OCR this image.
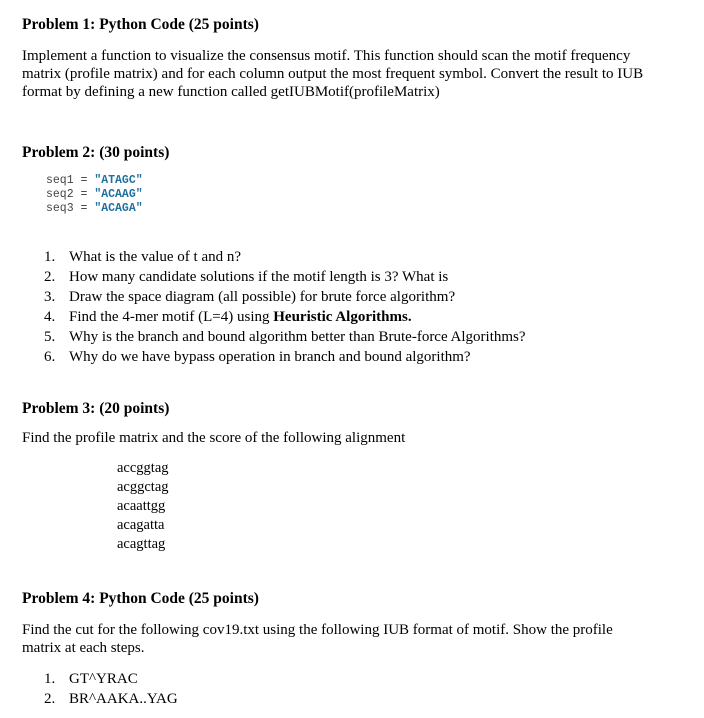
Problem 1: Python Code (25 points)
Implement a function to visualize the consensus motif. This function should scan the motif frequency
matrix (profile matrix) and for each column output the most frequent symbol. Convert the result to IUB
format by defining a new function called getIUBMotif(profileMatrix)
Problem 2: (30 points)
seq1 = "ATAGC"
seq2 = "ACAAG"
seq3 = "ACAGA"
1. What is the value of t and n?
2. How many candidate solutions if the motif length is 3? What is
3. Draw the space diagram (all possible) for brute force algorithm?
4. Find the 4-mer motif (L=4) using Heuristic Algorithms.
5. Why is the branch and bound algorithm better than Brute-force Algorithms?
6. Why do we have bypass operation in branch and bound algorithm?
Problem 3: (20 points)
Find the profile matrix and the score of the following alignment
accggtag
acggctag
acaattgg
acagatta
acagttag
Problem 4: Python Code (25 points)
Find the cut for the following cov19.txt using the following IUB format of motif. Show the profile
matrix at each steps.
1. GT^YRAC
2. BR^AAKA..YAG
